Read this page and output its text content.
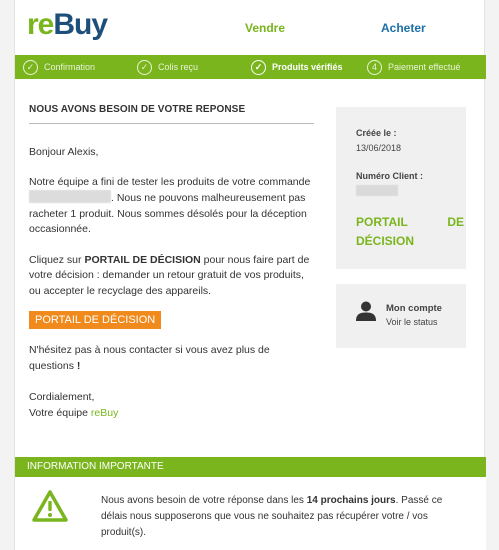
reBuy	Vendre	Acheter
✓	Confirmation	✓	Colis reçu	✓	Produits vérifiés	4	Paiement effectué
NOUS AVONS BESOIN DE VOTRE REPONSE

Bonjour Alexis,

Notre équipe a fini de tester les produits de votre commande . Nous ne pouvons malheureusement pas racheter 1 produit. Nous sommes désolés pour la déception occasionnée.

Cliquez sur PORTAIL DE DÉCISION pour nous faire part de votre décision : demander un retour gratuit de vos produits, ou accepter le recyclage des appareils.

PORTAIL DE DÉCISION

N'hésitez pas à nous contacter si vous avez plus de questions !

Cordialement,

Votre équipe reBuy

Créée le :
13/06/2018
Numéro Client :
PORTAIL DE DÉCISION
Mon compte
Voir le status
INFORMATION IMPORTANTE

Nous avons besoin de votre réponse dans les 14 prochains jours. Passé ce délais nous supposerons que vous ne souhaitez pas récupérer votre / vos produit(s).
